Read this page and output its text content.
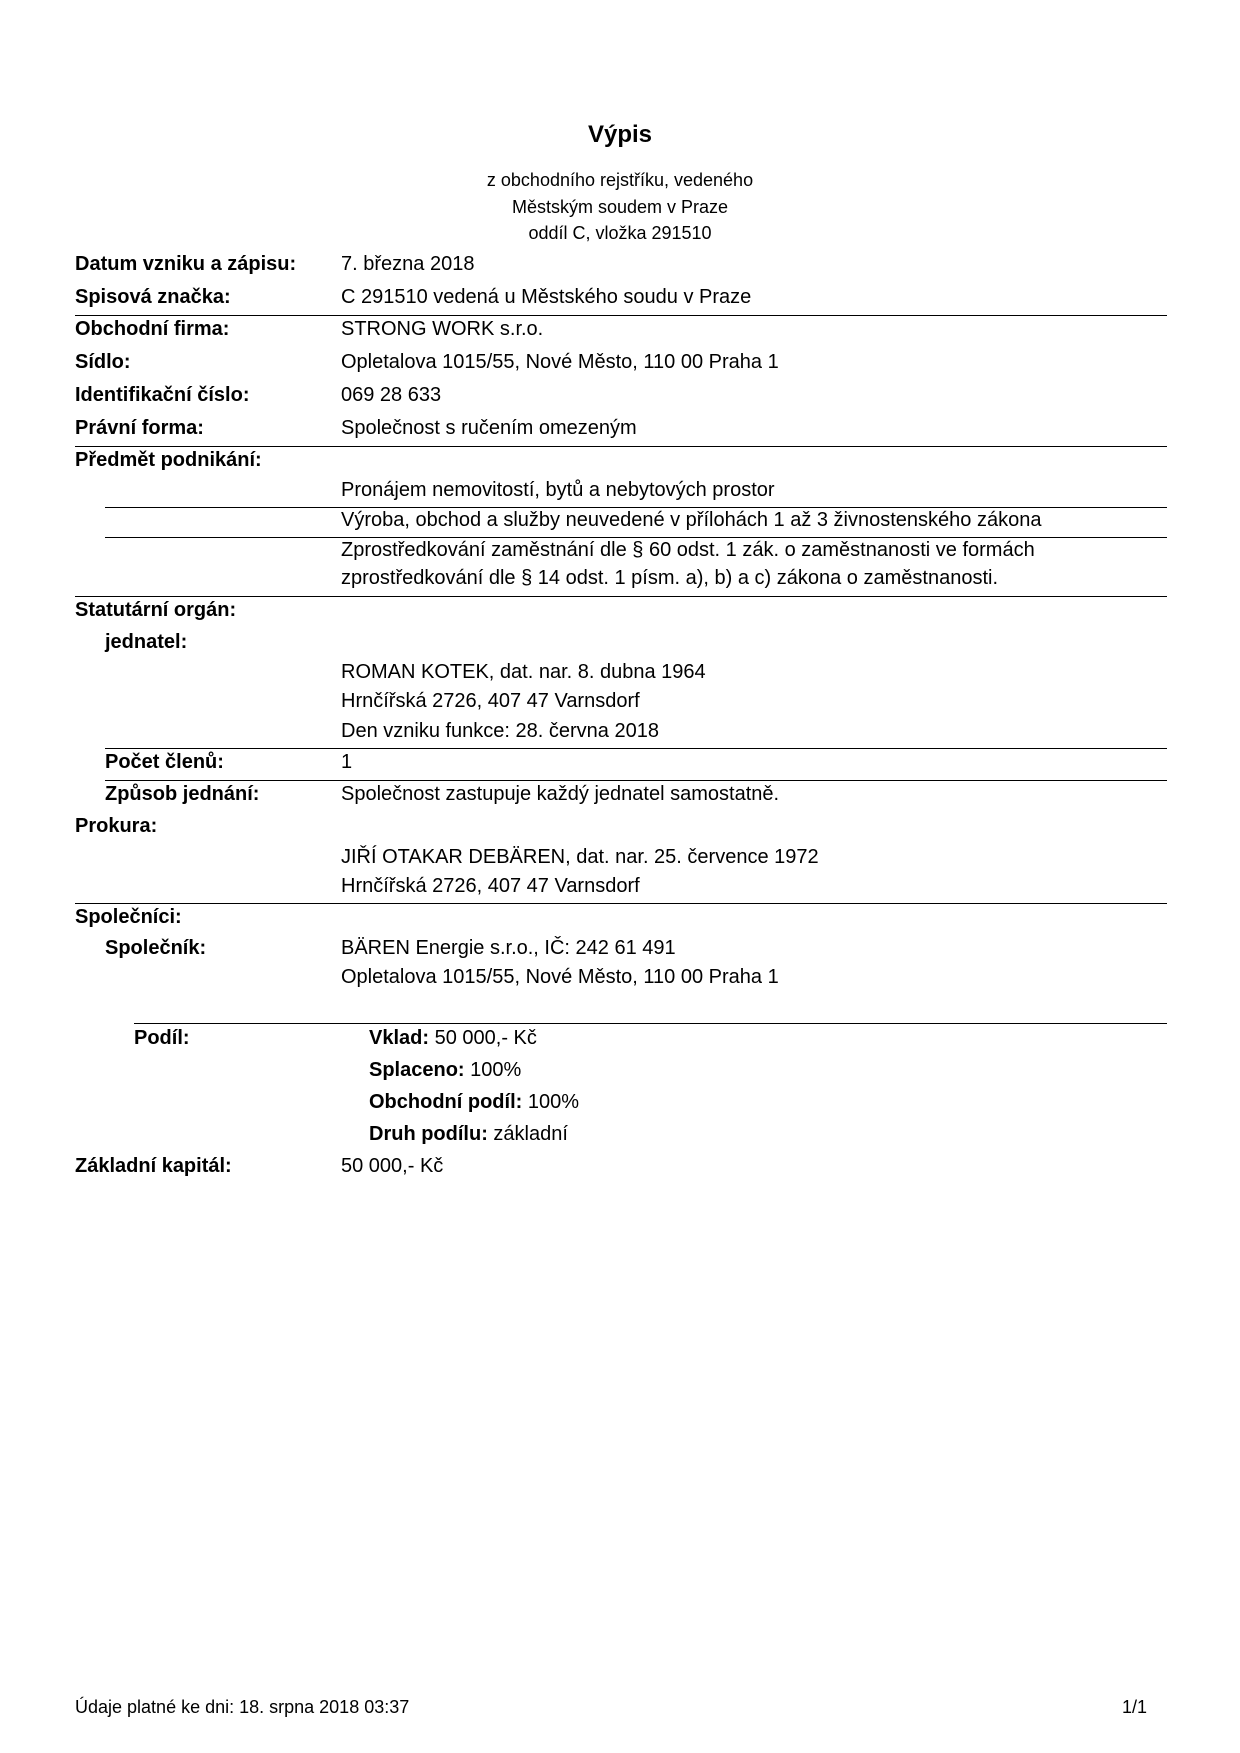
Výpis
z obchodního rejstříku, vedeného
Městským soudem v Praze
oddíl C, vložka 291510
Datum vzniku a zápisu: 7. března 2018
Spisová značka:	C 291510 vedená u Městského soudu v Praze
Obchodní firma:	STRONG WORK s.r.o.
Sídlo:	Opletalova 1015/55, Nové Město, 110 00 Praha 1
Identifikační číslo:	069 28 633
Právní forma:	Společnost s ručením omezeným
Předmět podnikání:
Pronájem nemovitostí, bytů a nebytových prostor
Výroba, obchod a služby neuvedené v přílohách 1 až 3 živnostenského zákona
Zprostředkování zaměstnání dle § 60 odst. 1 zák. o zaměstnanosti ve formách
zprostředkování dle § 14 odst. 1 písm. a), b) a c) zákona o zaměstnanosti.
Statutární orgán:
jednatel:
ROMAN KOTEK, dat. nar. 8. dubna 1964
Hrnčířská 2726, 407 47 Varnsdorf
Den vzniku funkce: 28. června 2018
Počet členů:	1
Způsob jednání:	Společnost zastupuje každý jednatel samostatně.
Prokura:
JIŘÍ OTAKAR DEBÄREN, dat. nar. 25. července 1972
Hrnčířská 2726, 407 47 Varnsdorf
Společníci:
Společník:	BÄREN Energie s.r.o., IČ: 242 61 491
Opletalova 1015/55, Nové Město, 110 00 Praha 1
Podíl:	Vklad: 50 000,- Kč
Splaceno: 100%
Obchodní podíl: 100%
Druh podílu: základní
Základní kapitál:	50 000,- Kč
Údaje platné ke dni: 18. srpna 2018 03:37	1/1
